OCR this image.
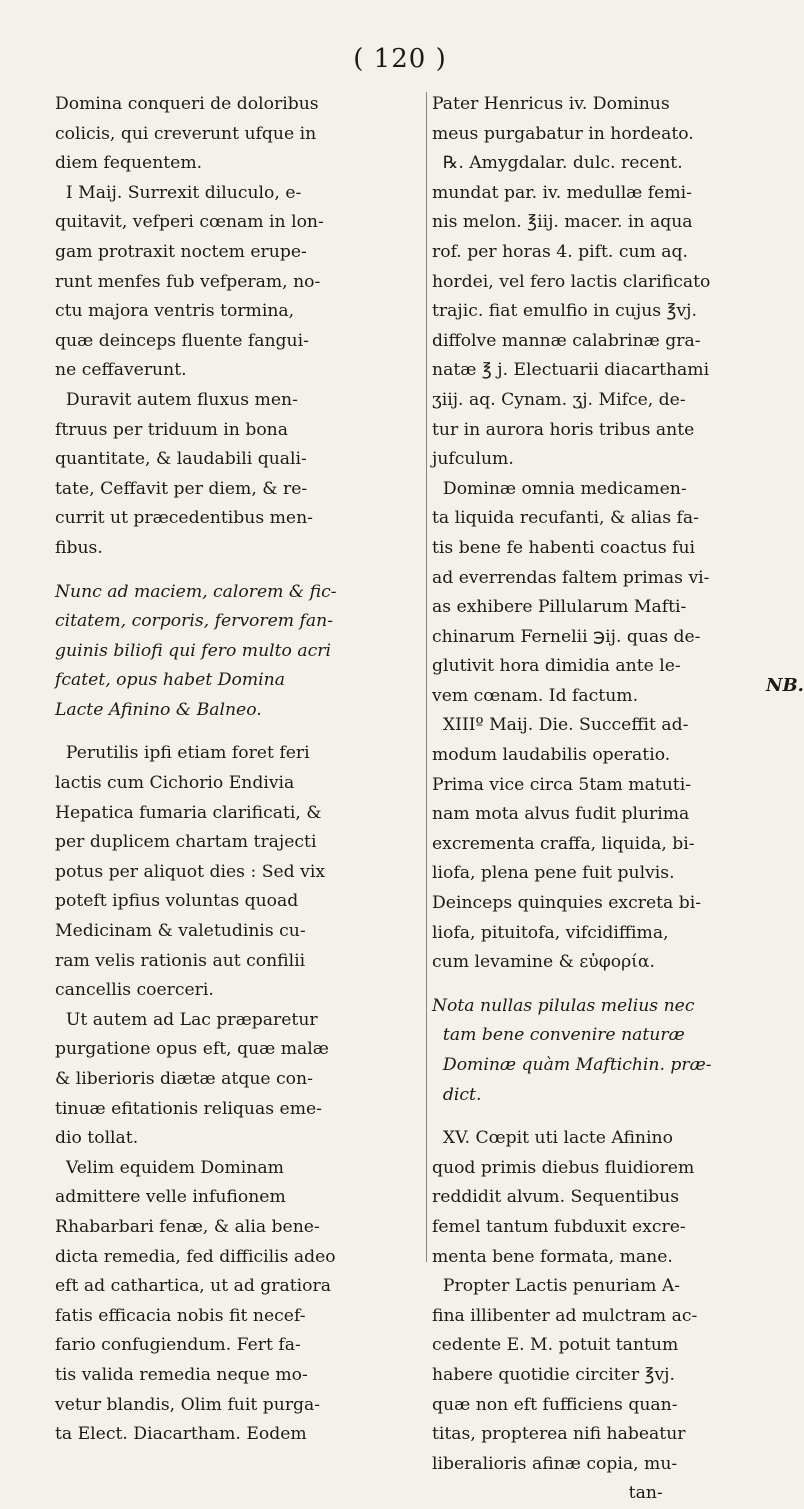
( 120 )
Domina conqueri de doloribus
colicis, qui creverunt ufque in
diem fequentem.
I Maij. Surrexit diluculo, e-
quitavit, vefperi cœnam in lon-
gam protraxit noctem erupe-
runt menfes fub vefperam, no-
ctu majora ventris tormina,
quæ deinceps fluente fangui-
ne ceffaverunt.
Duravit autem fluxus men-
ftruus per triduum in bona
quantitate, & laudabili quali-
tate, Ceffavit per diem, & re-
currit ut præcedentibus men-
fibus.
Nunc ad maciem, calorem & fic-
citatem, corporis, fervorem fan-
guinis biliofi qui fero multo acri
fcatet, opus habet Domina
Lacte Afinino & Balneo.
Perutilis ipfi etiam foret feri
lactis cum Cichorio Endivia
Hepatica fumaria clarificati, &
per duplicem chartam trajecti
potus per aliquot dies : Sed vix
poteft ipfius voluntas quoad
Medicinam & valetudinis cu-
ram velis rationis aut confilii
cancellis coerceri.
Ut autem ad Lac præparetur
purgatione opus eft, quæ malæ
& liberioris diætæ atque con-
tinuæ efitationis reliquas eme-
dio tollat.
Velim equidem Dominam
admittere velle infufionem
Rhabarbari fenæ, & alia bene-
dicta remedia, fed difficilis adeo
eft ad cathartica, ut ad gratiora
fatis efficacia nobis fit necef-
fario confugiendum. Fert fa-
tis valida remedia neque mo-
vetur blandis, Olim fuit purga-
ta Elect. Diacartham. Eodem
Pater Henricus iv. Dominus
meus purgabatur in hordeato.
℞. Amygdalar. dulc. recent.
mundat par. iv. medullæ femi-
nis melon. ℥iij. macer. in aqua
rof. per horas 4. pift. cum aq.
hordei, vel fero lactis clarificato
trajic. fiat emulfio in cujus ℥vj.
diffolve mannæ calabrinæ gra-
natæ ℥ j. Electuarii diacarthami
ʒiij. aq. Cynam. ʒj. Mifce, de-
tur in aurora horis tribus ante
jufculum.
Dominæ omnia medicamen-
ta liquida recufanti, & alias fa-
tis bene fe habenti coactus fui
ad everrendas faltem primas vi-
as exhibere Pillularum Mafti-
chinarum Fernelii ℈ij. quas de-
glutivit hora dimidia ante le-
vem cœnam. Id factum.
XIIIº Maij. Die. Succeffit ad-
modum laudabilis operatio.
Prima vice circa 5tam matuti-
nam mota alvus fudit plurima
excrementa craffa, liquida, bi-
liofa, plena pene fuit pulvis.
Deinceps quinquies excreta bi-
liofa, pituitofa, vifcidiffima,
cum levamine & εὐφορία.
Nota nullas pilulas melius nec
tam bene convenire naturæ
Dominæ quàm Maftichin. præ-
dict.
XV. Cœpit uti lacte Afinino
quod primis diebus fluidiorem
reddidit alvum. Sequentibus
femel tantum fubduxit excre-
menta bene formata, mane.
Propter Lactis penuriam A-
fina illibenter ad mulctram ac-
cedente E. M. potuit tantum
habere quotidie circiter ℥vj.
quæ non eft fufficiens quan-
titas, propterea nifi habeatur
liberalioris afinæ copia, mu-
tan-
NB.
